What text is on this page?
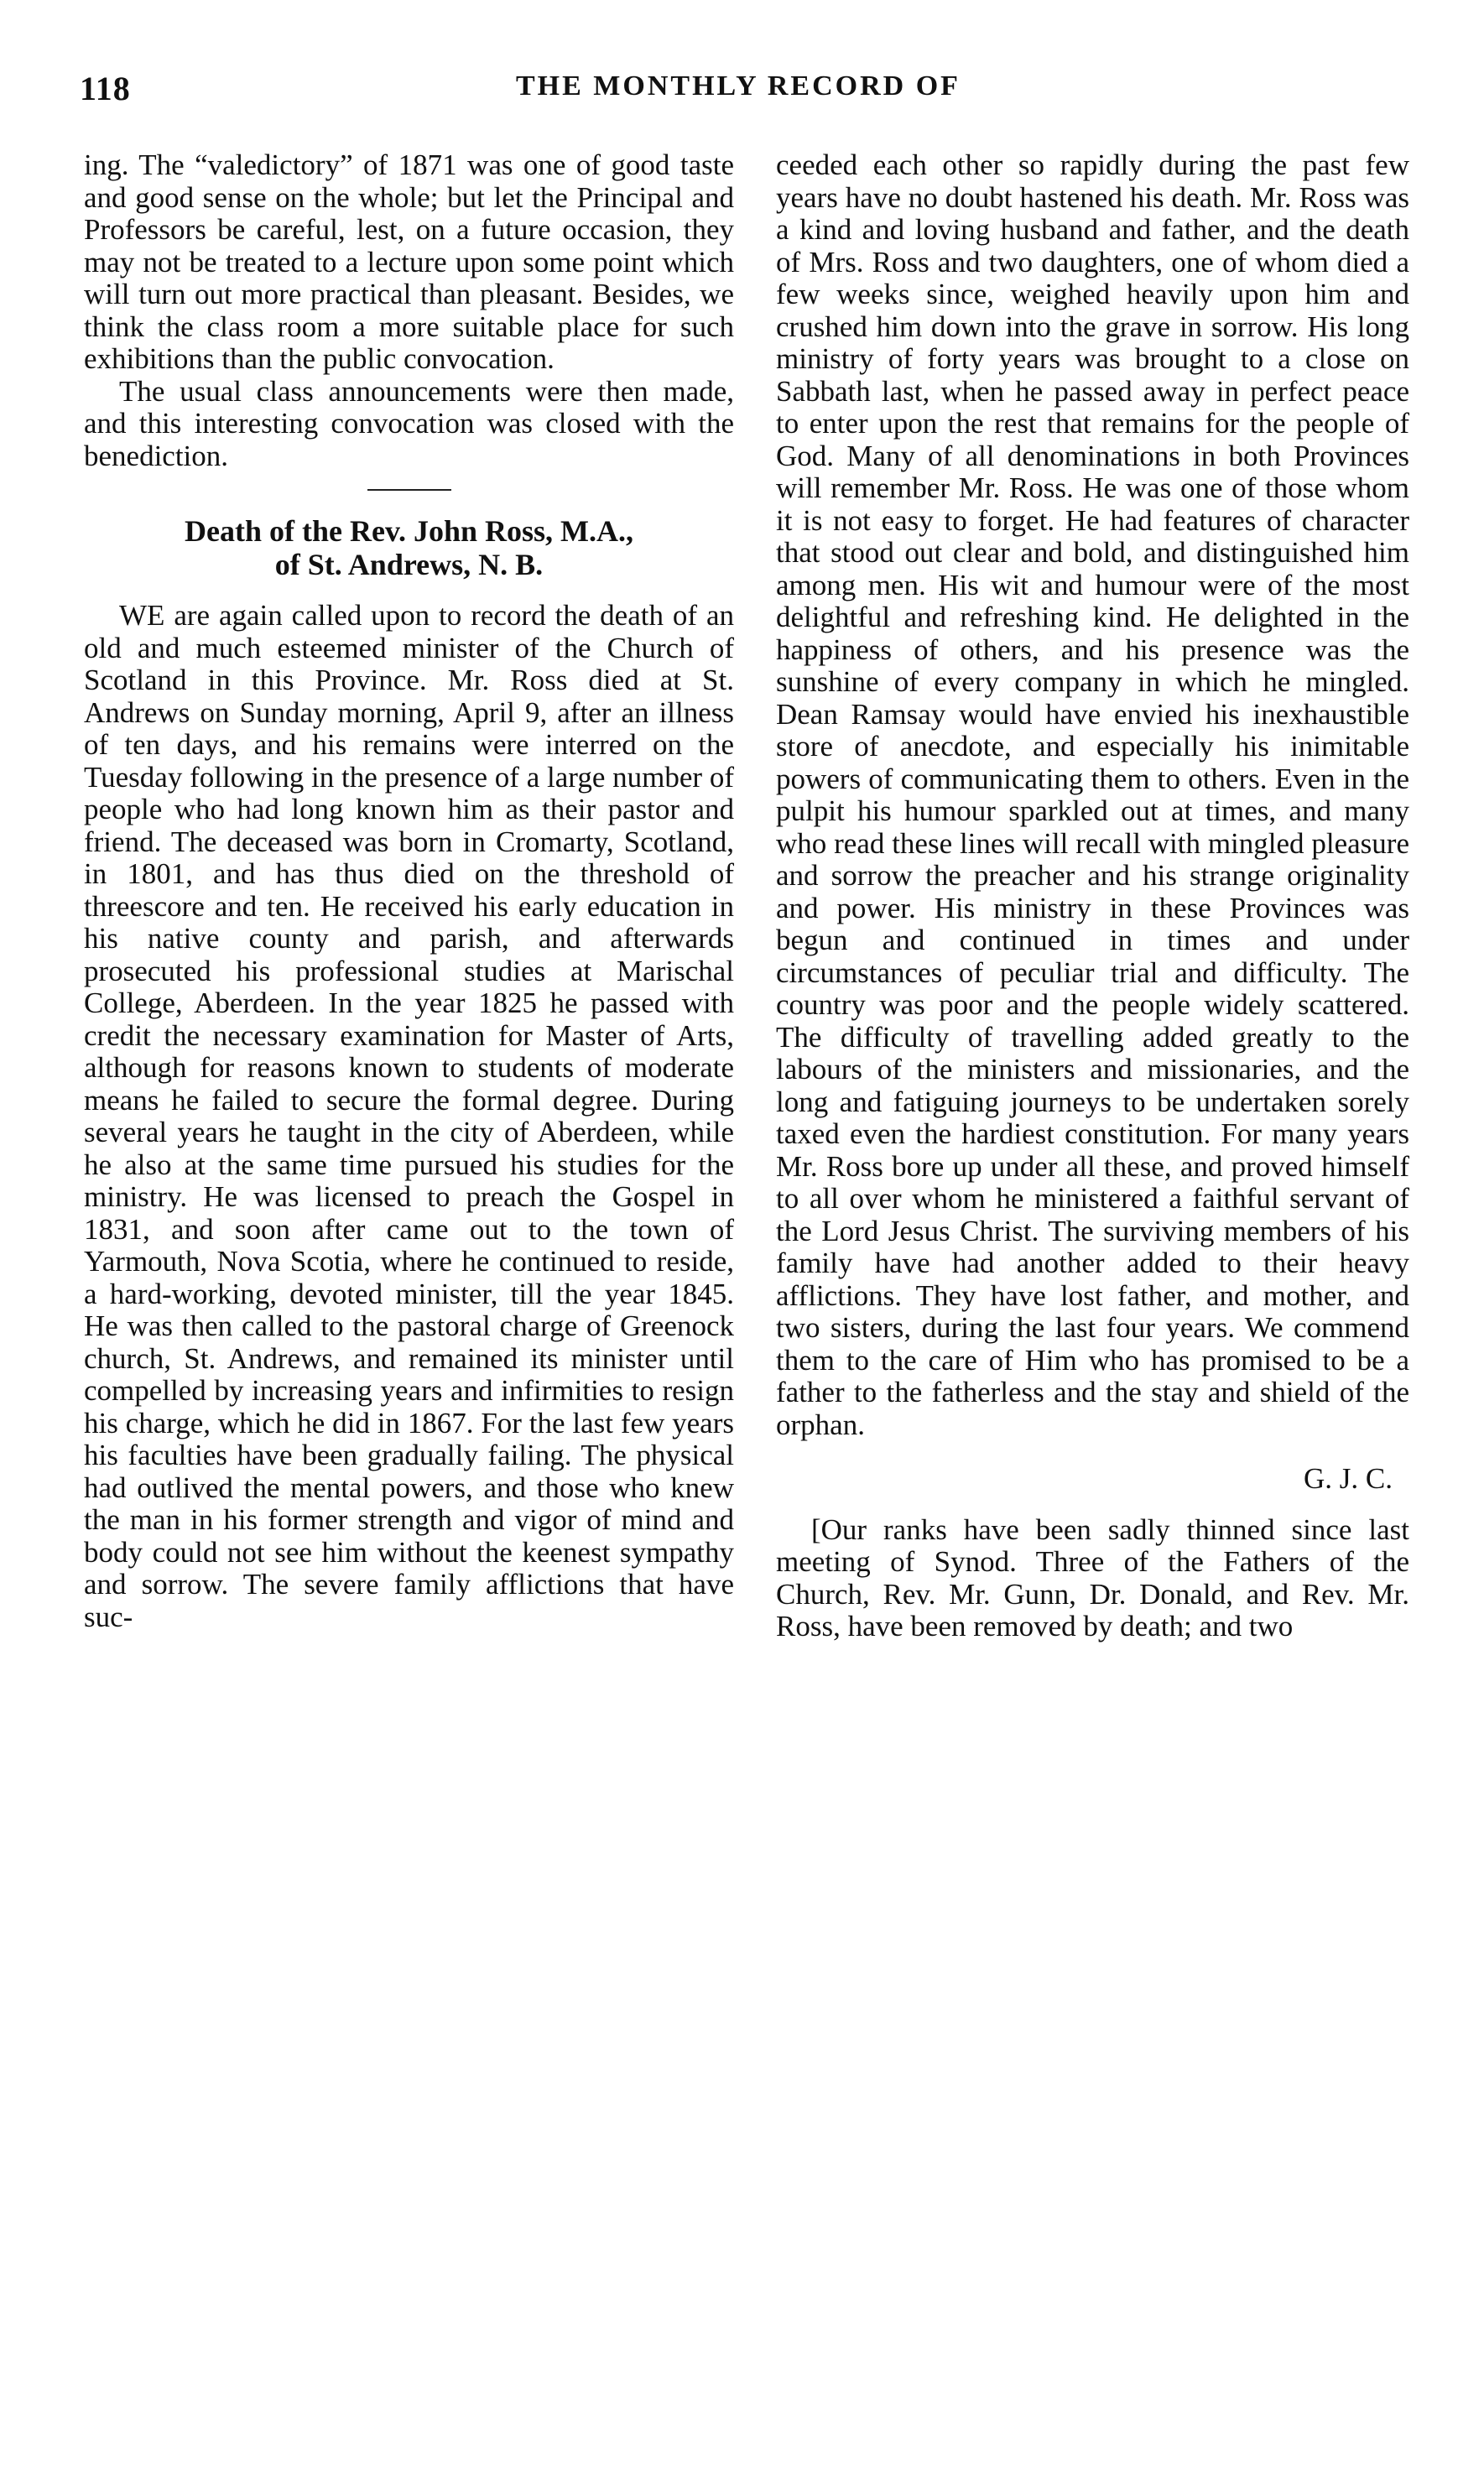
118	THE MONTHLY RECORD OF

ing. The “valedictory” of 1871 was one of good taste and good sense on the whole; but let the Principal and Professors be careful, lest, on a future occasion, they may not be treated to a lecture upon some point which will turn out more practical than pleasant. Besides, we think the class room a more suitable place for such exhibitions than the public convocation.

The usual class announcements were then made, and this interesting convocation was closed with the benediction.

Death of the Rev. John Ross, M.A.,
of St. Andrews, N. B.

WE are again called upon to record the death of an old and much esteemed minister of the Church of Scotland in this Province. Mr. Ross died at St. Andrews on Sunday morning, April 9, after an illness of ten days, and his remains were interred on the Tuesday following in the presence of a large number of people who had long known him as their pastor and friend. The deceased was born in Cromarty, Scotland, in 1801, and has thus died on the threshold of threescore and ten. He received his early education in his native county and parish, and afterwards prosecuted his professional studies at Marischal College, Aberdeen. In the year 1825 he passed with credit the necessary examination for Master of Arts, although for reasons known to students of moderate means he failed to secure the formal degree. During several years he taught in the city of Aberdeen, while he also at the same time pursued his studies for the ministry. He was licensed to preach the Gospel in 1831, and soon after came out to the town of Yarmouth, Nova Scotia, where he continued to reside, a hard-working, devoted minister, till the year 1845. He was then called to the pastoral charge of Greenock church, St. Andrews, and remained its minister until compelled by increasing years and infirmities to resign his charge, which he did in 1867. For the last few years his faculties have been gradually failing. The physical had outlived the mental powers, and those who knew the man in his former strength and vigor of mind and body could not see him without the keenest sympathy and sorrow. The severe family afflictions that have suc-

ceeded each other so rapidly during the past few years have no doubt hastened his death. Mr. Ross was a kind and loving husband and father, and the death of Mrs. Ross and two daughters, one of whom died a few weeks since, weighed heavily upon him and crushed him down into the grave in sorrow. His long ministry of forty years was brought to a close on Sabbath last, when he passed away in perfect peace to enter upon the rest that remains for the people of God. Many of all denominations in both Provinces will remember Mr. Ross. He was one of those whom it is not easy to forget. He had features of character that stood out clear and bold, and distinguished him among men. His wit and humour were of the most delightful and refreshing kind. He delighted in the happiness of others, and his presence was the sunshine of every company in which he mingled. Dean Ramsay would have envied his inexhaustible store of anecdote, and especially his inimitable powers of communicating them to others. Even in the pulpit his humour sparkled out at times, and many who read these lines will recall with mingled pleasure and sorrow the preacher and his strange originality and power. His ministry in these Provinces was begun and continued in times and under circumstances of peculiar trial and difficulty. The country was poor and the people widely scattered. The difficulty of travelling added greatly to the labours of the ministers and missionaries, and the long and fatiguing journeys to be undertaken sorely taxed even the hardiest constitution. For many years Mr. Ross bore up under all these, and proved himself to all over whom he ministered a faithful servant of the Lord Jesus Christ. The surviving members of his family have had another added to their heavy afflictions. They have lost father, and mother, and two sisters, during the last four years. We commend them to the care of Him who has promised to be a father to the fatherless and the stay and shield of the orphan.

G. J. C.

[Our ranks have been sadly thinned since last meeting of Synod. Three of the Fathers of the Church, Rev. Mr. Gunn, Dr. Donald, and Rev. Mr. Ross, have been removed by death; and two
